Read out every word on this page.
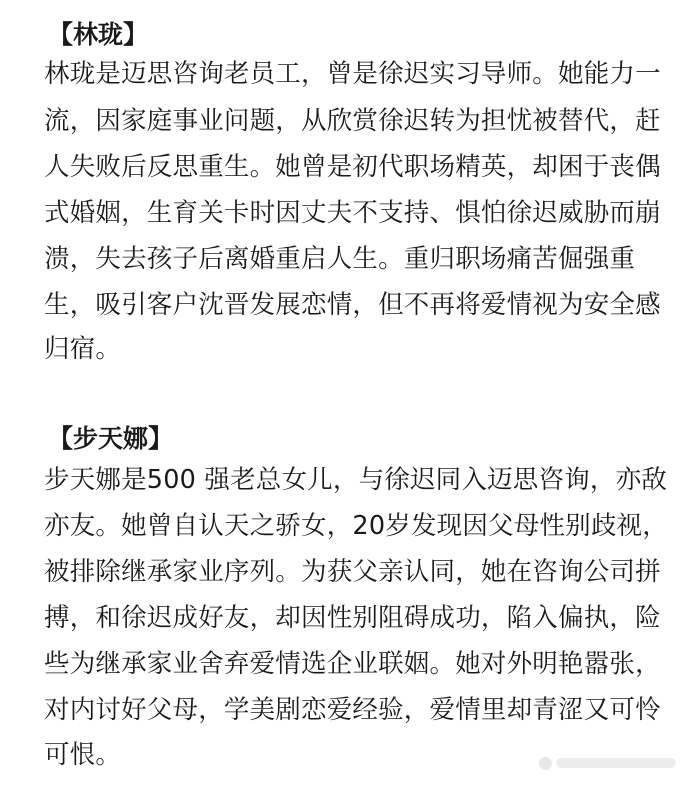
【林珑】
林珑是迈思咨询老员工，曾是徐迟实习导师。她能力一
流，因家庭事业问题，从欣赏徐迟转为担忧被替代，赶
人失败后反思重生。她曾是初代职场精英，却困于丧偶
式婚姻，生育关卡时因丈夫不支持、惧怕徐迟威胁而崩
溃，失去孩子后离婚重启人生。重归职场痛苦倔强重
生，吸引客户沈晋发展恋情，但不再将爱情视为安全感
归宿。
【步天娜】
步天娜是500 强老总女儿，与徐迟同入迈思咨询，亦敌
亦友。她曾自认天之骄女，20岁发现因父母性别歧视，
被排除继承家业序列。为获父亲认同，她在咨询公司拼
搏，和徐迟成好友，却因性别阻碍成功，陷入偏执，险
些为继承家业舍弃爱情选企业联姻。她对外明艳嚣张，
对内讨好父母，学美剧恋爱经验，爱情里却青涩又可怜
可恨。
